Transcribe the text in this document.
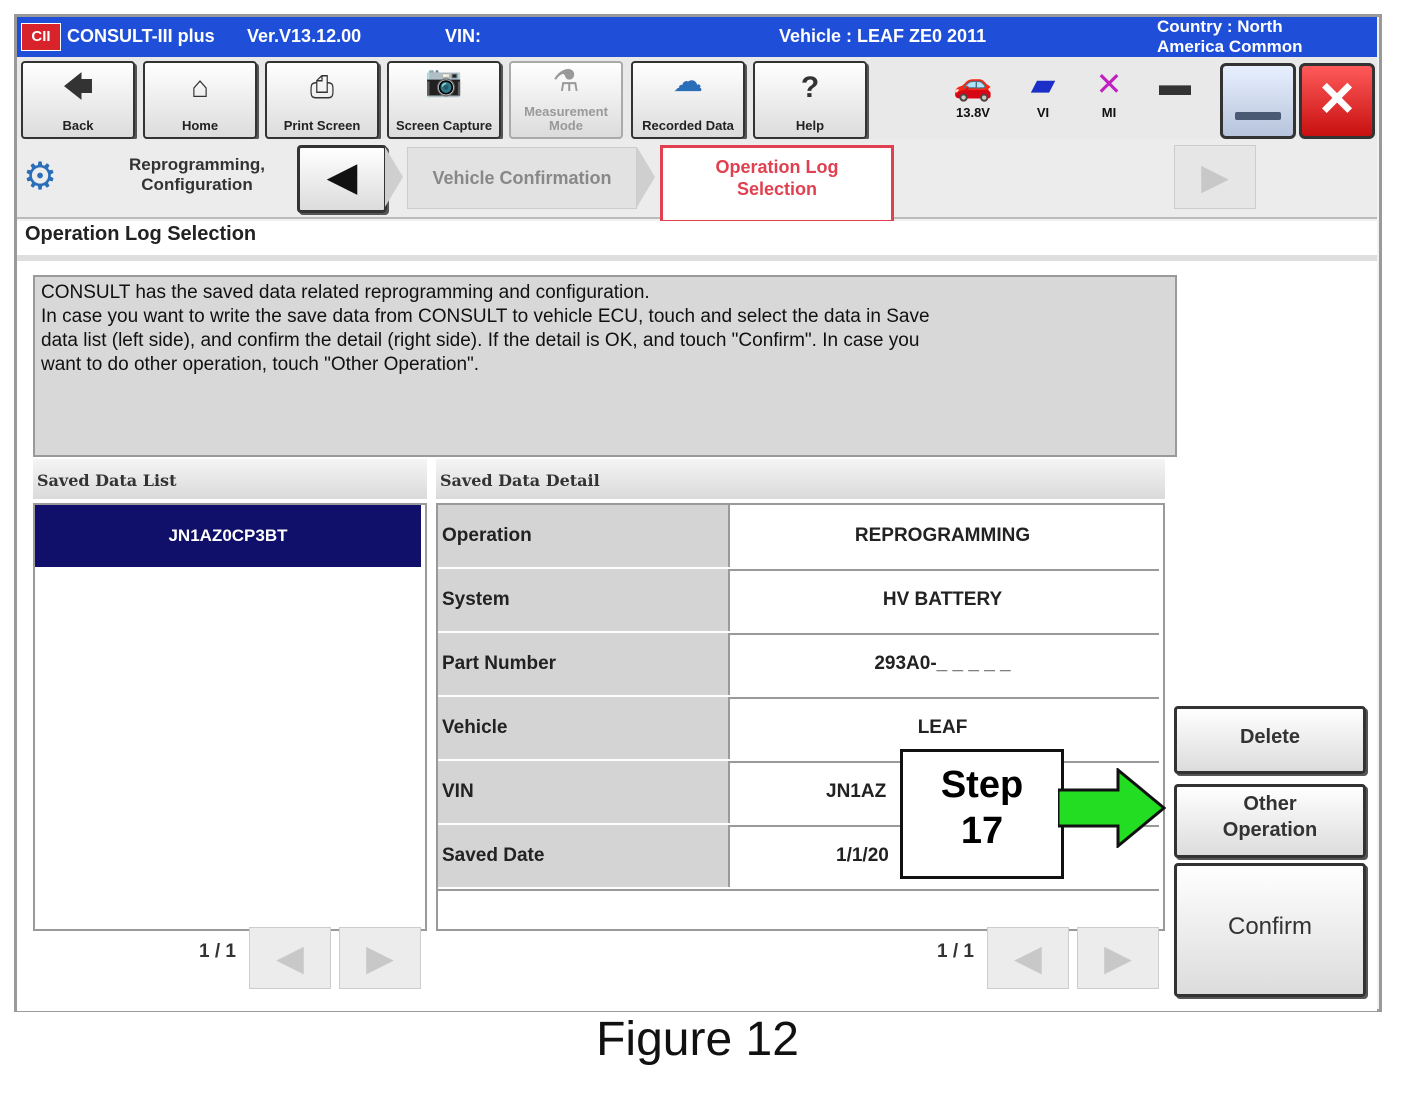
CII CONSULT-III plus Ver.V13.12.00	VIN:	Vehicle : LEAF ZE0 2011	Country : North
America Common
🡄
Back
⌂
Home
⎙
Print Screen
📷
Screen Capture
⚗
Measurement Mode
☁
Recorded Data
?
Help
🚗
13.8V
▰
VI
✕
MI
▬	×
⚙	Reprogramming,
Configuration	◀	Vehicle Confirmation
Operation Log
Selection	▶
Operation Log Selection
CONSULT has the saved data related reprogramming and configuration.
In case you want to write the save data from CONSULT to vehicle ECU, touch and select the data in Save
data list (left side), and confirm the detail (right side). If the detail is OK, and touch "Confirm". In case you
want to do other operation, touch "Other Operation".
Saved Data List
JN1AZ0CP3BT
1 / 1	◀	▶
Saved Data Detail
Operation	REPROGRAMMING
System	HV BATTERY
Part Number	293A0-_ _ _ _ _
Vehicle	LEAF
VIN	JN1AZ
Saved Date	1/1/20
1 / 1	◀	▶
Delete
Other
Operation
Confirm
Step
17
Figure 12
